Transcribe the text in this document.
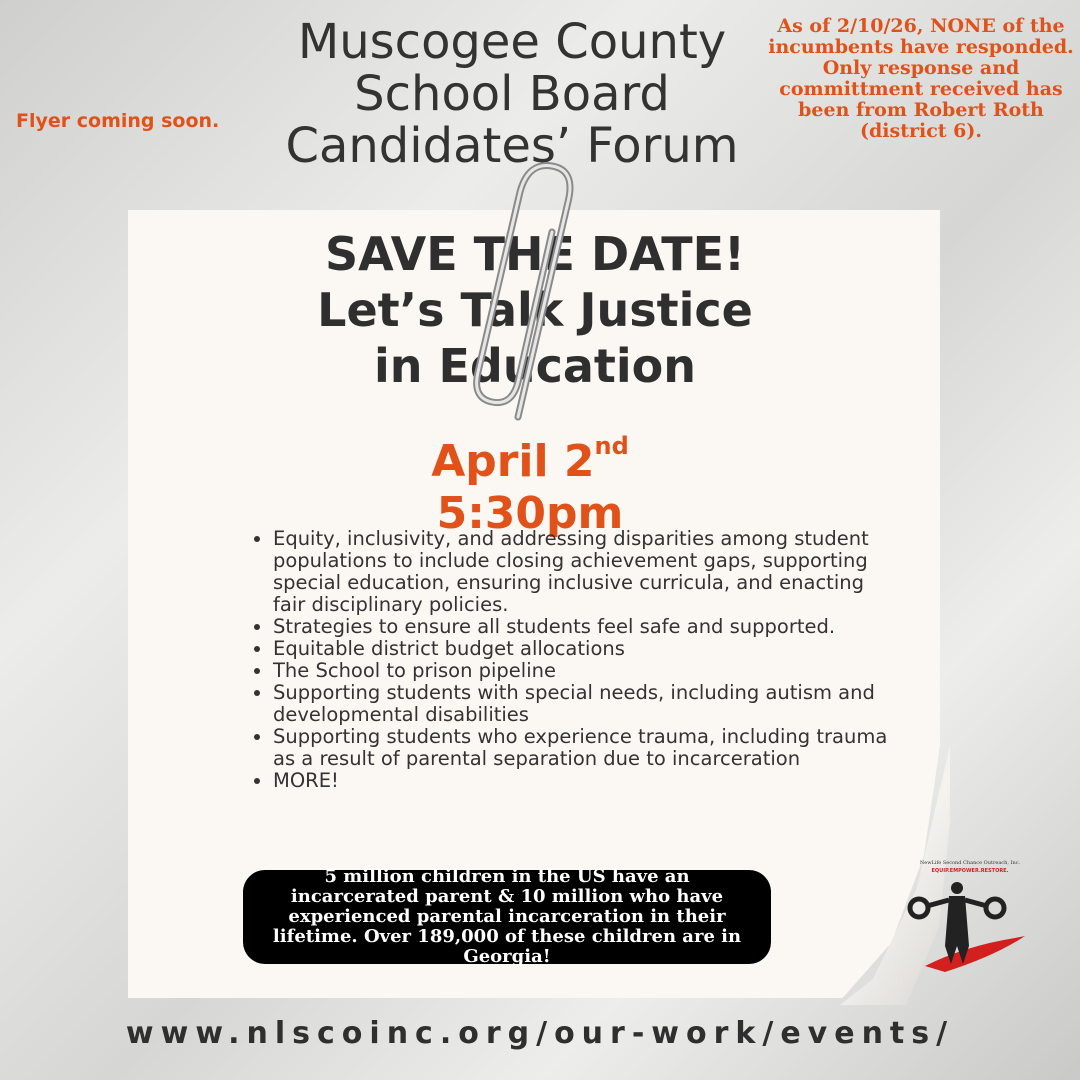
Muscogee County
School Board
Candidates’ Forum
Flyer coming soon.
As of 2/10/26, NONE of the incumbents have responded. Only response and committment received has been from Robert Roth (district 6).
SAVE THE DATE!
Let’s Talk Justice
in Education
April 2nd
5:30pm
• Equity, inclusivity, and addressing disparities among student populations to include closing achievement gaps, supporting special education, ensuring inclusive curricula, and enacting fair disciplinary policies.
• Strategies to ensure all students feel safe and supported.
• Equitable district budget allocations
• The School to prison pipeline
• Supporting students with special needs, including autism and developmental disabilities
• Supporting students who experience trauma, including trauma as a result of parental separation due to incarceration
• MORE!
5 million children in the US have an incarcerated parent & 10 million who have experienced parental incarceration in their lifetime. Over 189,000 of these children are in Georgia!
NewLife Second Chance Outreach, Inc.
EQUIP.EMPOWER.RESTORE.
www.nlscoinc.org/our-work/events/
